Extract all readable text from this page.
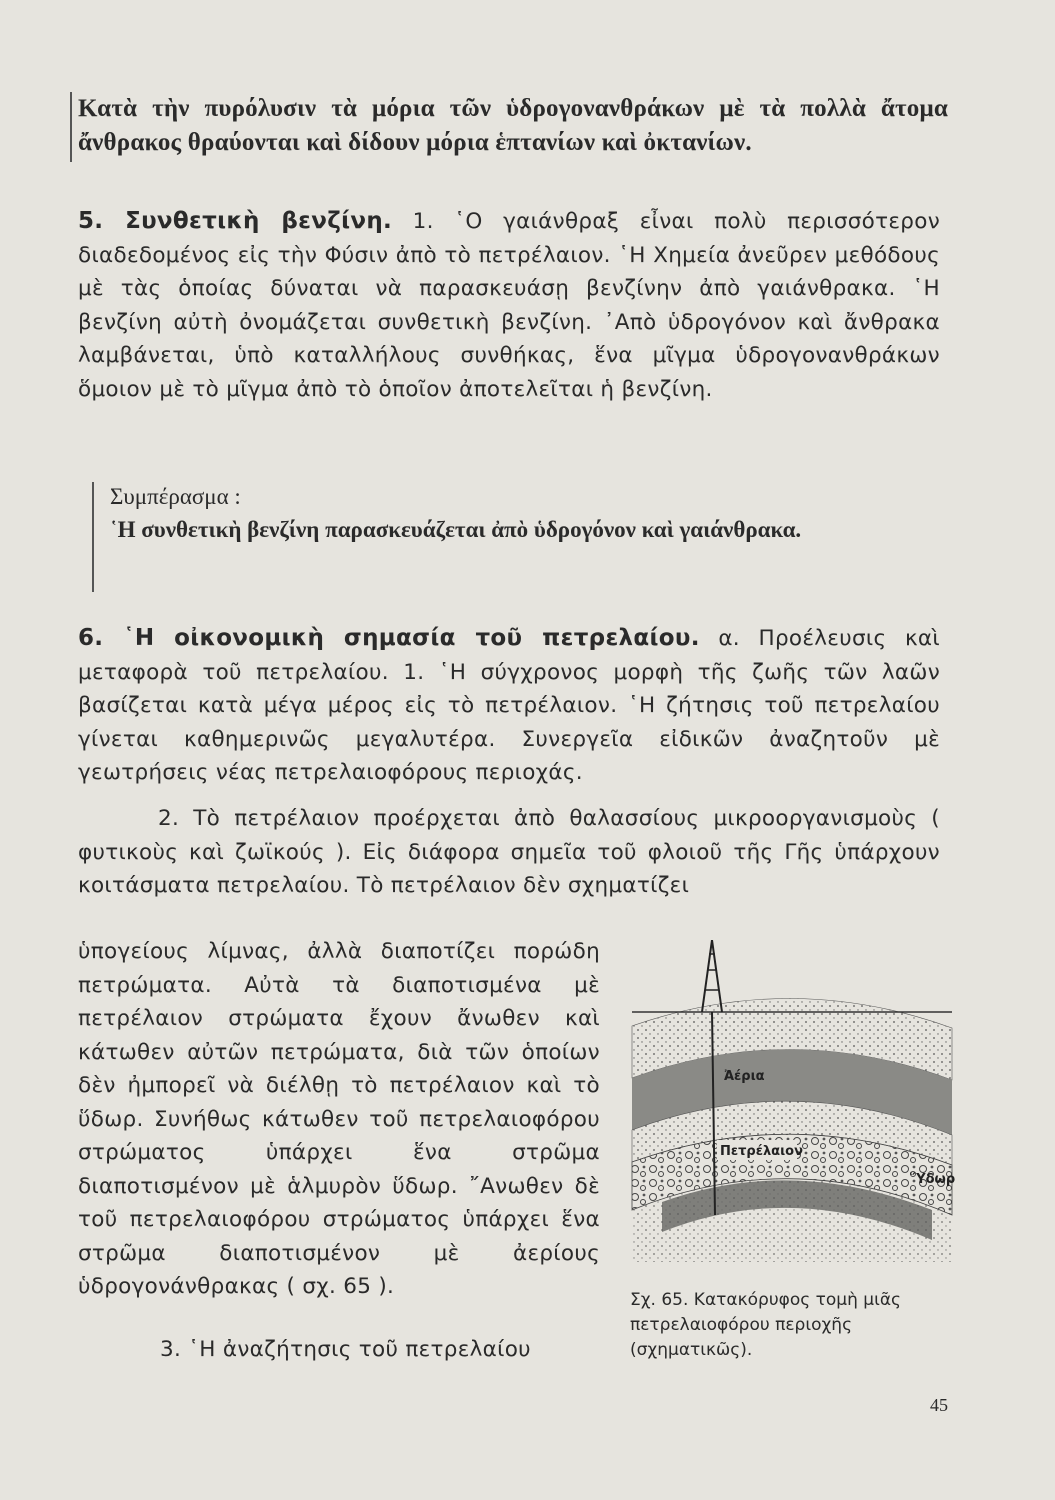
Κατὰ τὴν πυρόλυσιν τὰ μόρια τῶν ὑδρογονανθράκων μὲ τὰ πολλὰ ἄτομα ἄνθρακος θραύονται καὶ δίδουν μόρια ἑπτανίων καὶ ὀκτανίων.

5. Συνθετικὴ βενζίνη. 1. ῾Ο γαιάνθραξ εἶναι πολὺ περισσότερον διαδεδομένος εἰς τὴν Φύσιν ἀπὸ τὸ πετρέλαιον. ῾Η Χημεία ἀνεῦρεν μεθόδους μὲ τὰς ὁποίας δύναται νὰ παρασκευάσῃ βενζίνην ἀπὸ γαιάνθρακα. ῾Η βενζίνη αὐτὴ ὀνομάζεται συνθετικὴ βενζίνη. ᾿Απὸ ὑδρογόνον καὶ ἄνθρακα λαμβάνεται, ὑπὸ καταλλήλους συνθήκας, ἕνα μῖγμα ὑδρογονανθράκων ὅμοιον μὲ τὸ μῖγμα ἀπὸ τὸ ὁποῖον ἀποτελεῖται ἡ βενζίνη.

Συμπέρασμα :
῾Η συνθετικὴ βενζίνη παρασκευάζεται ἀπὸ ὑδρογόνον καὶ γαιάνθρακα.

6. ῾Η οἰκονομικὴ σημασία τοῦ πετρελαίου. α. Προέλευσις καὶ μεταφορὰ τοῦ πετρελαίου. 1. ῾Η σύγχρονος μορφὴ τῆς ζωῆς τῶν λαῶν βασίζεται κατὰ μέγα μέρος εἰς τὸ πετρέλαιον. ῾Η ζήτησις τοῦ πετρελαίου γίνεται καθημερινῶς μεγαλυτέρα. Συνεργεῖα εἰδικῶν ἀναζητοῦν μὲ γεωτρήσεις νέας πετρελαιοφόρους περιοχάς.

2. Τὸ πετρέλαιον προέρχεται ἀπὸ θαλασσίους μικροοργανισμοὺς ( φυτικοὺς καὶ ζωϊκούς ). Εἰς διάφορα σημεῖα τοῦ φλοιοῦ τῆς Γῆς ὑπάρχουν κοιτάσματα πετρελαίου. Τὸ πετρέλαιον δὲν σχηματίζει

ὑπογείους λίμνας, ἀλλὰ διαποτίζει πορώδη πετρώματα. Αὐτὰ τὰ διαποτισμένα μὲ πετρέλαιον στρώματα ἔχουν ἄνωθεν καὶ κάτωθεν αὐτῶν πετρώματα, διὰ τῶν ὁποίων δὲν ἠμπορεῖ νὰ διέλθῃ τὸ πετρέλαιον καὶ τὸ ὕδωρ. Συνήθως κάτωθεν τοῦ πετρελαιοφόρου στρώματος ὑπάρχει ἕνα στρῶμα διαποτισμένον μὲ ἁλμυρὸν ὕδωρ. ῎Ανωθεν δὲ τοῦ πετρελαιοφόρου στρώματος ὑπάρχει ἕνα στρῶμα διαποτισμένον μὲ ἀερίους ὑδρογονάνθρακας ( σχ. 65 ).

3. ῾Η ἀναζήτησις τοῦ πετρελαίου
Ἀέρια
Πετρέλαιον
Ὕδωρ
Σχ. 65. Κατακόρυφος τομὴ μιᾶς πετρελαιοφόρου περιοχῆς (σχηματικῶς).
45
